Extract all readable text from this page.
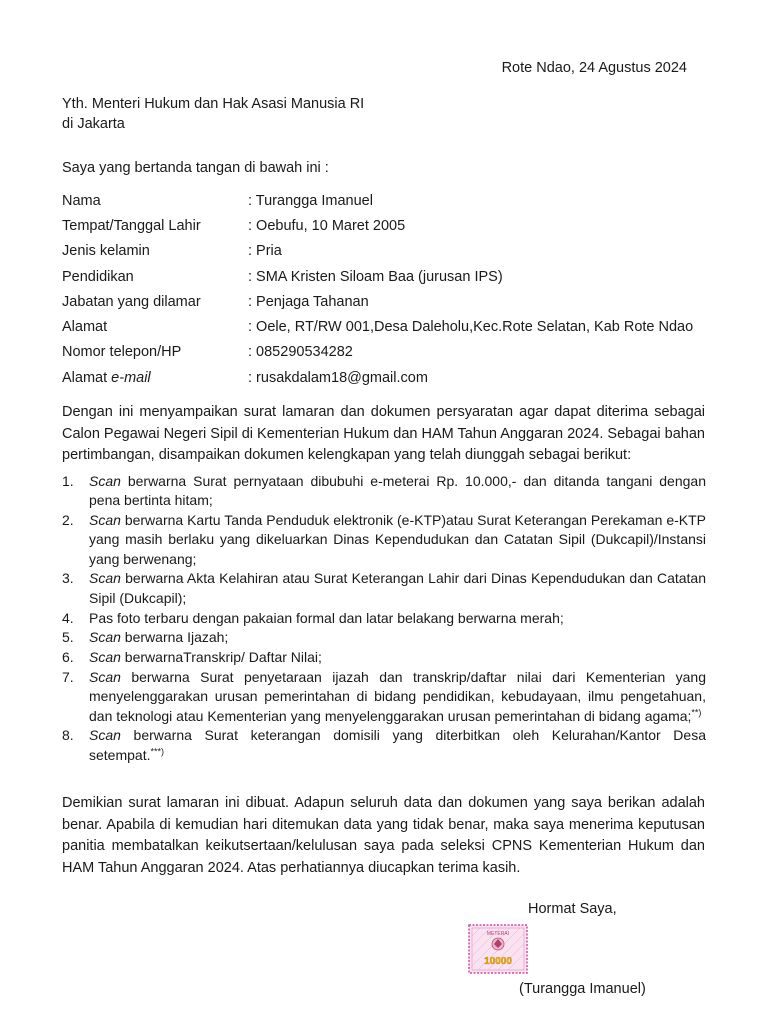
Rote Ndao, 24 Agustus 2024
Yth. Menteri Hukum dan Hak Asasi Manusia RI
di Jakarta
Saya yang bertanda tangan di bawah ini :
Nama	: Turangga Imanuel
Tempat/Tanggal Lahir	: Oebufu, 10 Maret 2005
Jenis kelamin	: Pria
Pendidikan	: SMA Kristen Siloam Baa (jurusan IPS)
Jabatan yang dilamar	: Penjaga Tahanan
Alamat	: Oele, RT/RW 001,Desa Daleholu,Kec.Rote Selatan, Kab Rote Ndao
Nomor telepon/HP	: 085290534282
Alamat e-mail	: rusakdalam18@gmail.com
Dengan ini menyampaikan surat lamaran dan dokumen persyaratan agar dapat diterima sebagai Calon Pegawai Negeri Sipil di Kementerian Hukum dan HAM Tahun Anggaran 2024. Sebagai bahan pertimbangan, disampaikan dokumen kelengkapan yang telah diunggah sebagai berikut:
1.	Scan berwarna Surat pernyataan dibubuhi e-meterai Rp. 10.000,- dan ditanda tangani dengan pena bertinta hitam;
2.	Scan berwarna Kartu Tanda Penduduk elektronik (e-KTP)atau Surat Keterangan Perekaman e-KTP yang masih berlaku yang dikeluarkan Dinas Kependudukan dan Catatan Sipil (Dukcapil)/Instansi yang berwenang;
3.	Scan berwarna Akta Kelahiran atau Surat Keterangan Lahir dari Dinas Kependudukan dan Catatan Sipil (Dukcapil);
4.	Pas foto terbaru dengan pakaian formal dan latar belakang berwarna merah;
5.	Scan berwarna Ijazah;
6.	Scan berwarnaTranskrip/ Daftar Nilai;
7.	Scan berwarna Surat penyetaraan ijazah dan transkrip/daftar nilai dari Kementerian yang menyelenggarakan urusan pemerintahan di bidang pendidikan, kebudayaan, ilmu pengetahuan, dan teknologi atau Kementerian yang menyelenggarakan urusan pemerintahan di bidang agama;**)
8.	Scan berwarna Surat keterangan domisili yang diterbitkan oleh Kelurahan/Kantor Desa setempat.***)
Demikian surat lamaran ini dibuat. Adapun seluruh data dan dokumen yang saya berikan adalah benar. Apabila di kemudian hari ditemukan data yang tidak benar, maka saya menerima keputusan panitia membatalkan keikutsertaan/kelulusan saya pada seleksi CPNS Kementerian Hukum dan HAM Tahun Anggaran 2024. Atas perhatiannya diucapkan terima kasih.
Hormat Saya,
METERAI
10000
(Turangga Imanuel)
